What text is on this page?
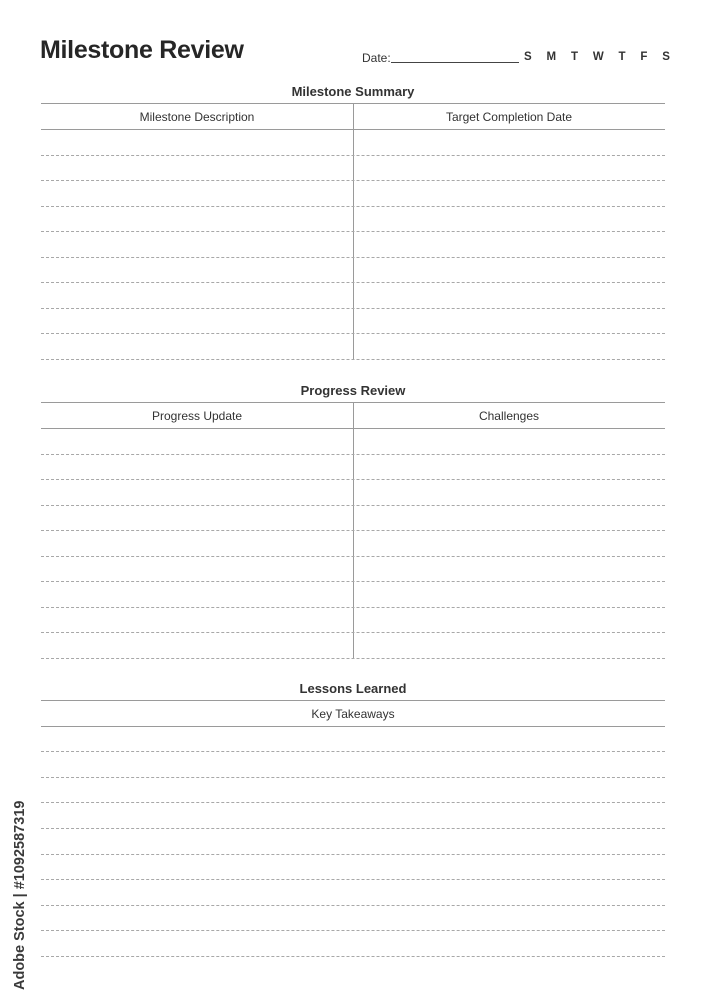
Milestone Review	Date:	S M T W T F S
Milestone Summary
Milestone Description	Target Completion Date
Progress Review
Progress Update	Challenges
Lessons Learned
Key Takeaways
Adobe Stock | #1092587319
